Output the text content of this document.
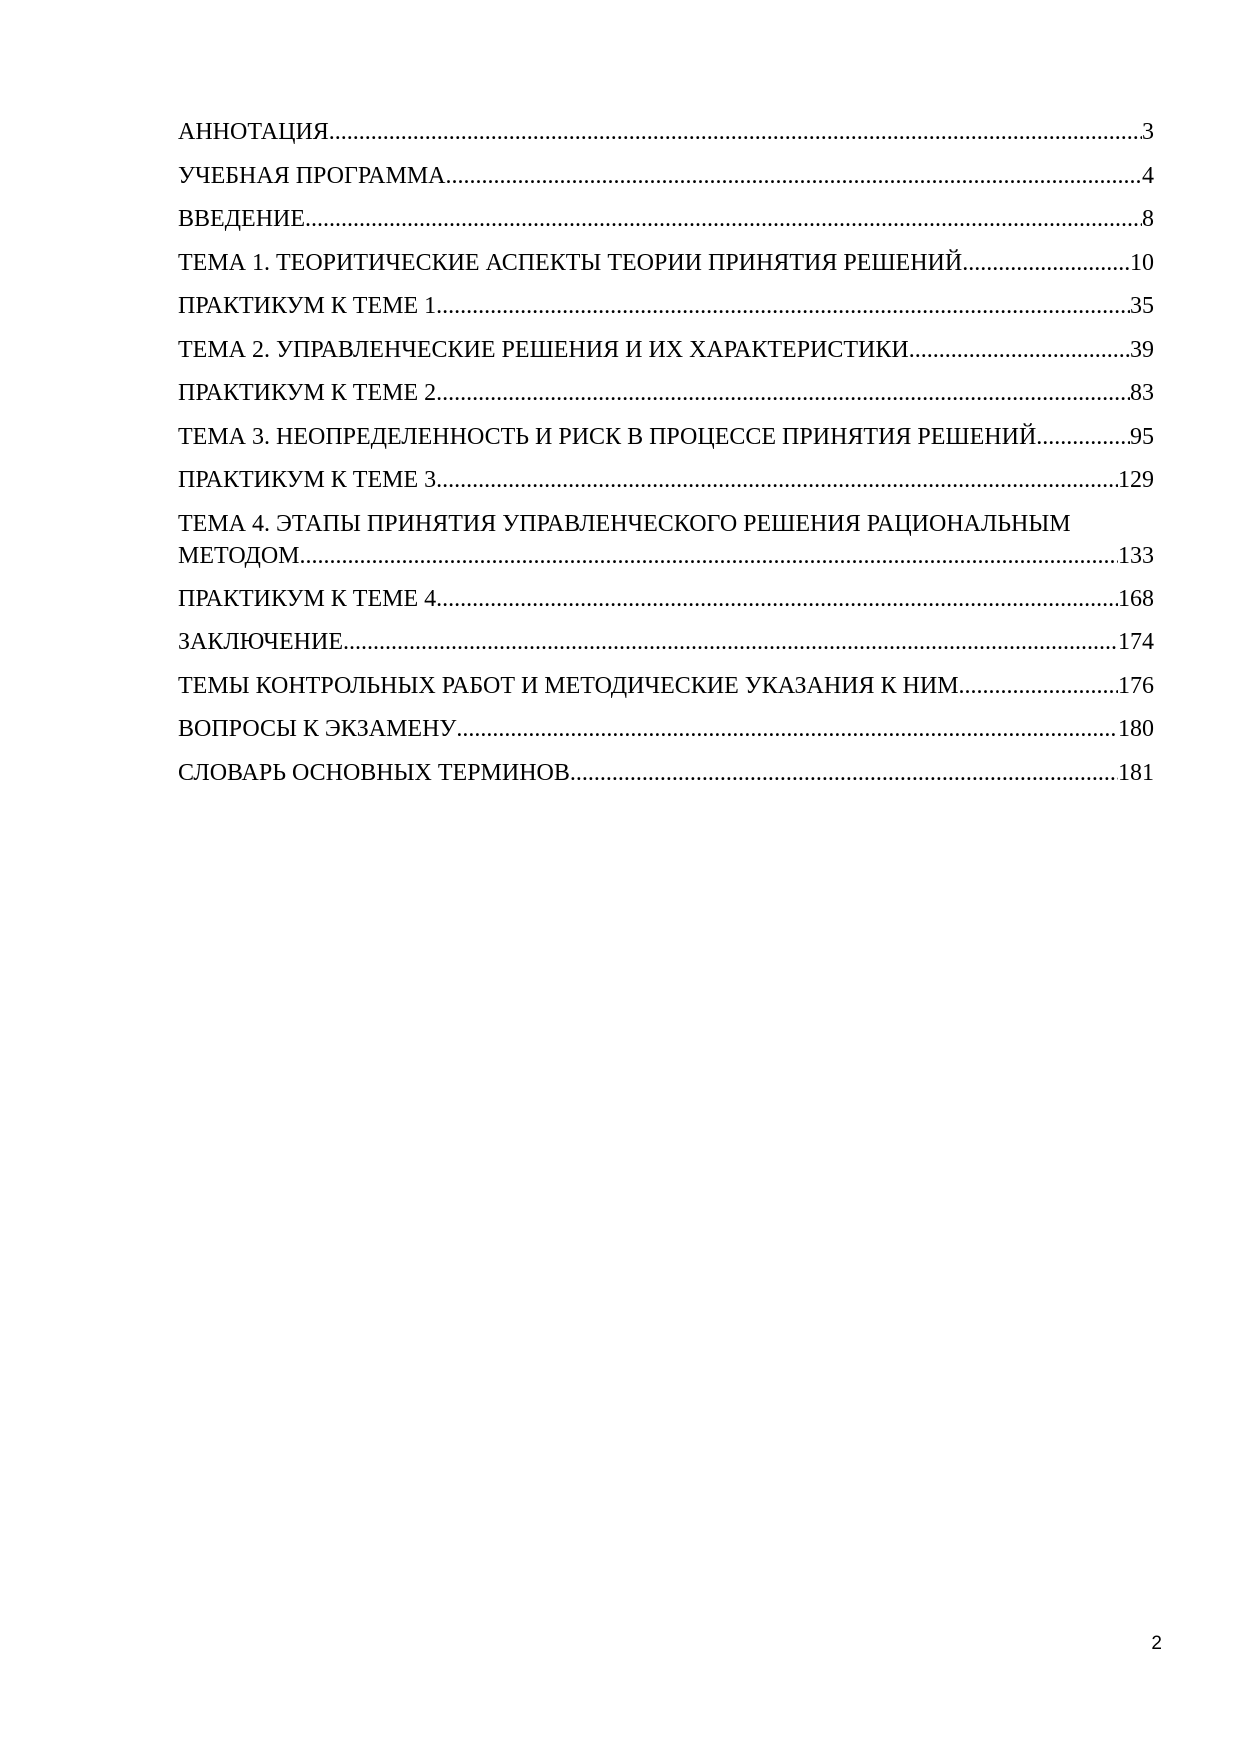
АННОТАЦИЯ .....	3
УЧЕБНАЯ ПРОГРАММА .....	4
ВВЕДЕНИЕ .....	8
ТЕМА 1. ТЕОРИТИЧЕСКИЕ АСПЕКТЫ ТЕОРИИ ПРИНЯТИЯ РЕШЕНИЙ .....	10
ПРАКТИКУМ К ТЕМЕ 1 .....	35
ТЕМА 2. УПРАВЛЕНЧЕСКИЕ РЕШЕНИЯ И ИХ ХАРАКТЕРИСТИКИ .....	39
ПРАКТИКУМ К ТЕМЕ 2 .....	83
ТЕМА 3. НЕОПРЕДЕЛЕННОСТЬ И РИСК В ПРОЦЕССЕ ПРИНЯТИЯ РЕШЕНИЙ .....	95
ПРАКТИКУМ К ТЕМЕ 3 .....	129
ТЕМА 4. ЭТАПЫ ПРИНЯТИЯ УПРАВЛЕНЧЕСКОГО РЕШЕНИЯ РАЦИОНАЛЬНЫМ
МЕТОДОМ .....	133
ПРАКТИКУМ К ТЕМЕ 4 .....	168
ЗАКЛЮЧЕНИЕ .....	174
ТЕМЫ КОНТРОЛЬНЫХ РАБОТ И МЕТОДИЧЕСКИЕ УКАЗАНИЯ К НИМ .....	176
ВОПРОСЫ К ЭКЗАМЕНУ .....	180
СЛОВАРЬ ОСНОВНЫХ ТЕРМИНОВ .....	181
2
